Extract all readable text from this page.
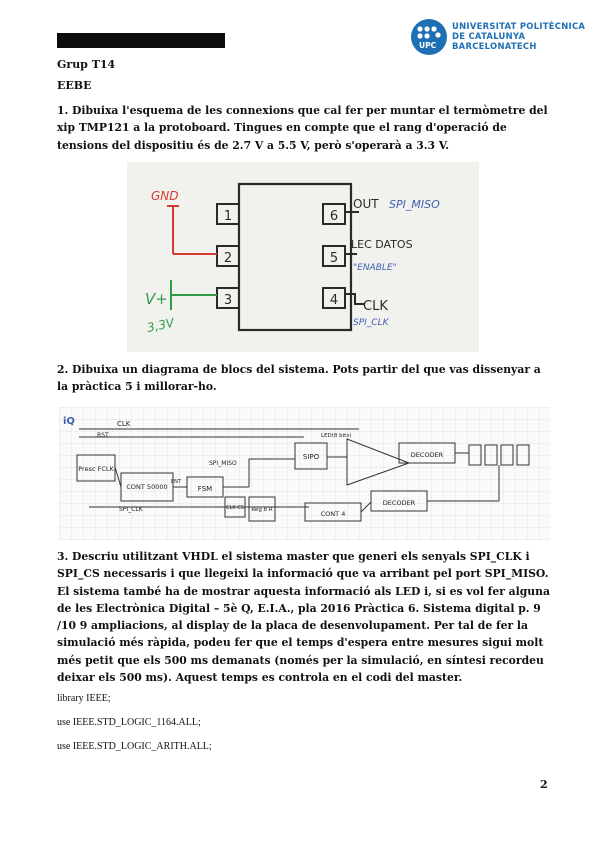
UPC
UNIVERSITAT POLITÈCNICA
DE CATALUNYA
BARCELONATECH
Grup T14
EEBE
1. Dibuixa l'esquema de les connexions que cal fer per muntar el termòmetre del xip TMP121 a la protoboard. Tingues en compte que el rang d'operació de tensions del dispositiu és de 2.7 V a 5.5 V, però s'operarà a 3.3 V.
1
2
3
6
5
4
GND
V+
3,3V
OUT SPI_MISO
LEC DATOS
"ENABLE"
CLK
SPI_CLK
2. Dibuixa un diagrama de blocs del sistema. Pots partir del que vas dissenyar a la pràctica 5 i millorar-ho.
iQ	CLK
RST
Presc FCLK
CONT 50000	FSM
SIPO	DECODER
CONT 4
DECODER
CLK CS Reg 8 R
SPI_MISO
SPI_CLK
ENT
LED(8 bits)
3. Descriu utilitzant VHDL el sistema master que generi els senyals SPI_CLK i SPI_CS necessaris i que llegeixi la informació que va arribant pel port SPI_MISO. El sistema també ha de mostrar aquesta informació als LED i, si es vol fer alguna de les Electrònica Digital – 5è Q, E.I.A., pla 2016 Pràctica 6. Sistema digital p. 9 /10 9 ampliacions, al display de la placa de desenvolupament. Per tal de fer la simulació més ràpida, podeu fer que el temps d'espera entre mesures sigui molt més petit que els 500 ms demanats (només per la simulació, en síntesi recordeu deixar els 500 ms). Aquest temps es controla en el codi del master.
library IEEE;
use IEEE.STD_LOGIC_1164.ALL;
use IEEE.STD_LOGIC_ARITH.ALL;
2
